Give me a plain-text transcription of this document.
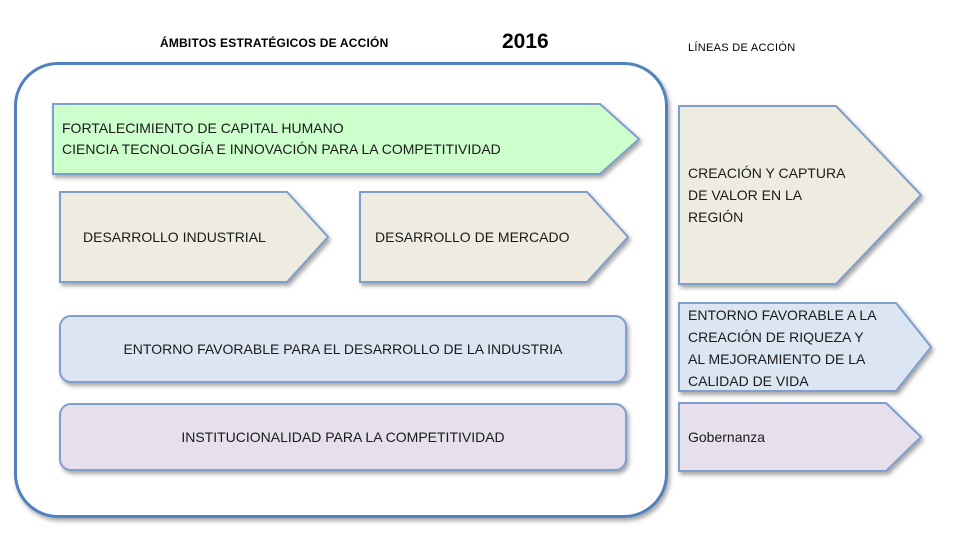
ÁMBITOS ESTRATÉGICOS DE ACCIÓN	2016	LÍNEAS DE ACCIÓN
FORTALECIMIENTO DE CAPITAL HUMANO
CIENCIA TECNOLOGÍA E INNOVACIÓN PARA LA COMPETITIVIDAD
DESARROLLO INDUSTRIAL	DESARROLLO DE MERCADO
ENTORNO FAVORABLE PARA EL DESARROLLO DE LA INDUSTRIA
INSTITUCIONALIDAD PARA LA COMPETITIVIDAD
CREACIÓN Y CAPTURA
DE VALOR EN LA
REGIÓN
ENTORNO FAVORABLE A LA
CREACIÓN DE RIQUEZA Y
AL MEJORAMIENTO DE LA
CALIDAD DE VIDA
Gobernanza
